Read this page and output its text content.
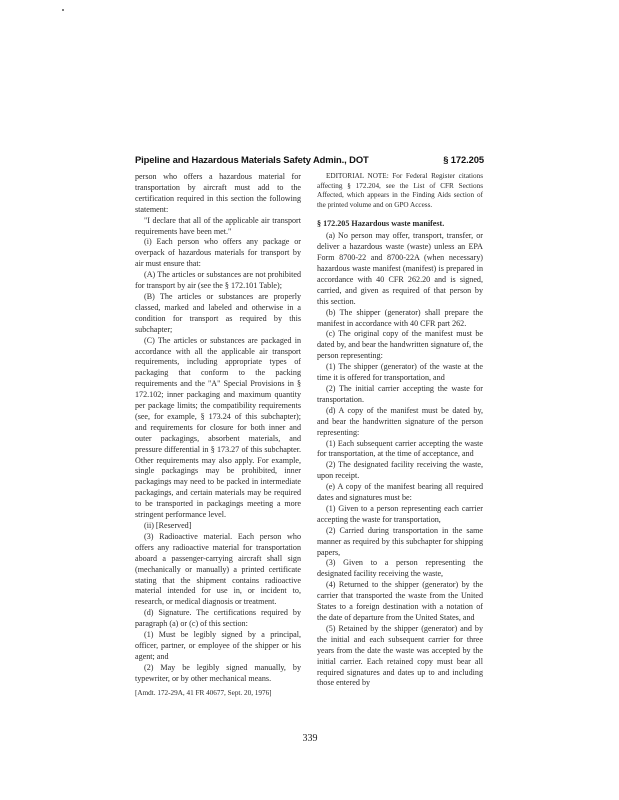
Pipeline and Hazardous Materials Safety Admin., DOT	§ 172.205

person who offers a hazardous material for transportation by aircraft must add to the certification required in this section the following statement:

"I declare that all of the applicable air transport requirements have been met."

(i) Each person who offers any package or overpack of hazardous materials for transport by air must ensure that:

(A) The articles or substances are not prohibited for transport by air (see the § 172.101 Table);

(B) The articles or substances are properly classed, marked and labeled and otherwise in a condition for transport as required by this subchapter;

(C) The articles or substances are packaged in accordance with all the applicable air transport requirements, including appropriate types of packaging that conform to the packing requirements and the "A" Special Provisions in § 172.102; inner packaging and maximum quantity per package limits; the compatibility requirements (see, for example, § 173.24 of this subchapter); and requirements for closure for both inner and outer packagings, absorbent materials, and pressure differential in § 173.27 of this subchapter. Other requirements may also apply. For example, single packagings may be prohibited, inner packagings may need to be packed in intermediate packagings, and certain materials may be required to be transported in packagings meeting a more stringent performance level.

(ii) [Reserved]

(3) Radioactive material. Each person who offers any radioactive material for transportation aboard a passenger-carrying aircraft shall sign (mechanically or manually) a printed certificate stating that the shipment contains radioactive material intended for use in, or incident to, research, or medical diagnosis or treatment.

(d) Signature. The certifications required by paragraph (a) or (c) of this section:

(1) Must be legibly signed by a principal, officer, partner, or employee of the shipper or his agent; and

(2) May be legibly signed manually, by typewriter, or by other mechanical means.

[Amdt. 172-29A, 41 FR 40677, Sept. 20, 1976]

EDITORIAL NOTE: For Federal Register citations affecting § 172.204, see the List of CFR Sections Affected, which appears in the Finding Aids section of the printed volume and on GPO Access.

§ 172.205 Hazardous waste manifest.

(a) No person may offer, transport, transfer, or deliver a hazardous waste (waste) unless an EPA Form 8700-22 and 8700-22A (when necessary) hazardous waste manifest (manifest) is prepared in accordance with 40 CFR 262.20 and is signed, carried, and given as required of that person by this section.

(b) The shipper (generator) shall prepare the manifest in accordance with 40 CFR part 262.

(c) The original copy of the manifest must be dated by, and bear the handwritten signature of, the person representing:

(1) The shipper (generator) of the waste at the time it is offered for transportation, and

(2) The initial carrier accepting the waste for transportation.

(d) A copy of the manifest must be dated by, and bear the handwritten signature of the person representing:

(1) Each subsequent carrier accepting the waste for transportation, at the time of acceptance, and

(2) The designated facility receiving the waste, upon receipt.

(e) A copy of the manifest bearing all required dates and signatures must be:

(1) Given to a person representing each carrier accepting the waste for transportation,

(2) Carried during transportation in the same manner as required by this subchapter for shipping papers,

(3) Given to a person representing the designated facility receiving the waste,

(4) Returned to the shipper (generator) by the carrier that transported the waste from the United States to a foreign destination with a notation of the date of departure from the United States, and

(5) Retained by the shipper (generator) and by the initial and each subsequent carrier for three years from the date the waste was accepted by the initial carrier. Each retained copy must bear all required signatures and dates up to and including those entered by

339
